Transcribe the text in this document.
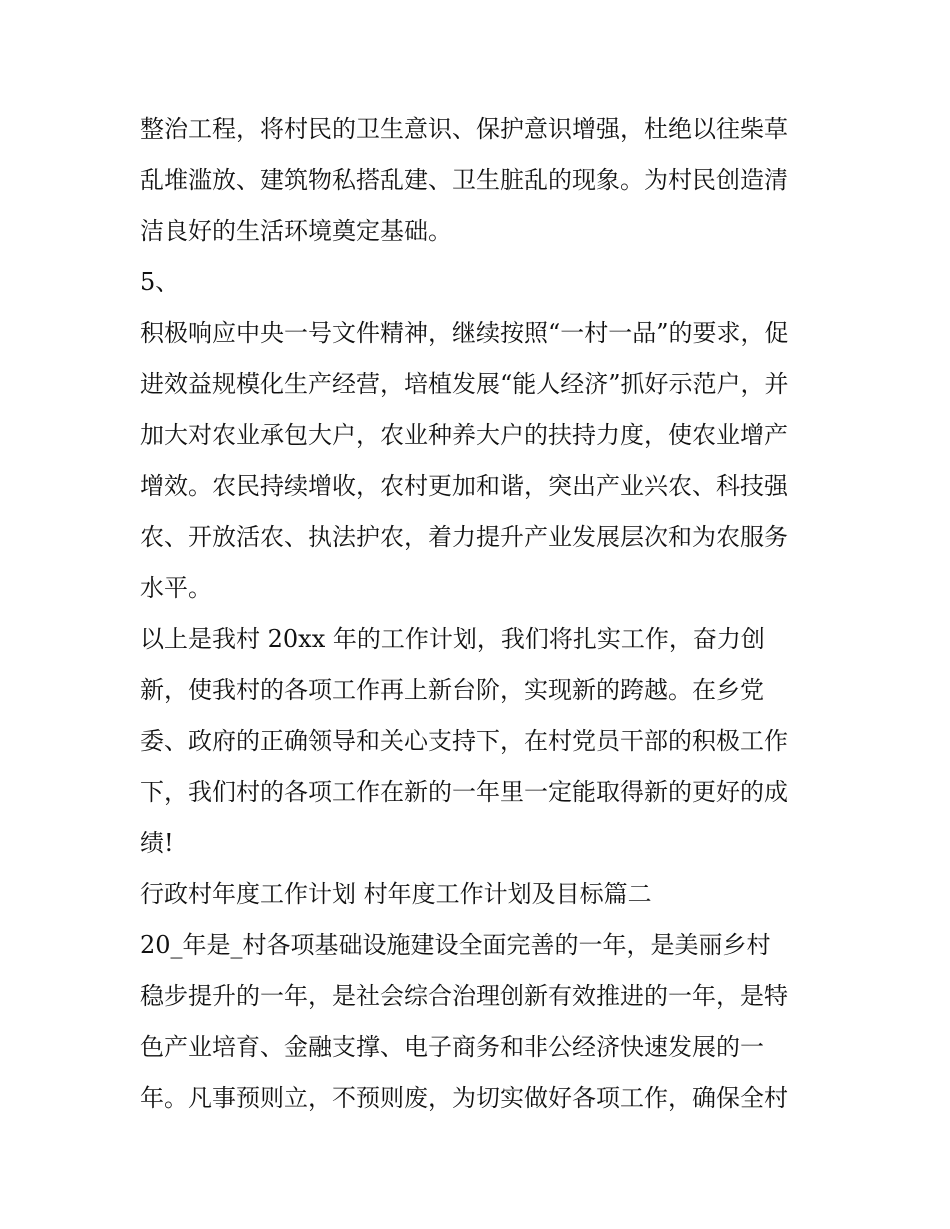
整治工程，将村民的卫生意识、保护意识增强，杜绝以往柴草
乱堆滥放、建筑物私搭乱建、卫生脏乱的现象。为村民创造清
洁良好的生活环境奠定基础。
5、
积极响应中央一号文件精神，继续按照“一村一品”的要求，促
进效益规模化生产经营，培植发展“能人经济”抓好示范户，并
加大对农业承包大户，农业种养大户的扶持力度，使农业增产
增效。农民持续增收，农村更加和谐，突出产业兴农、科技强
农、开放活农、执法护农，着力提升产业发展层次和为农服务
水平。
以上是我村 20xx 年的工作计划，我们将扎实工作，奋力创
新，使我村的各项工作再上新台阶，实现新的跨越。在乡党
委、政府的正确领导和关心支持下，在村党员干部的积极工作
下，我们村的各项工作在新的一年里一定能取得新的更好的成
绩!
行政村年度工作计划 村年度工作计划及目标篇二
20_年是_村各项基础设施建设全面完善的一年，是美丽乡村
稳步提升的一年，是社会综合治理创新有效推进的一年，是特
色产业培育、金融支撑、电子商务和非公经济快速发展的一
年。凡事预则立，不预则废，为切实做好各项工作，确保全村
